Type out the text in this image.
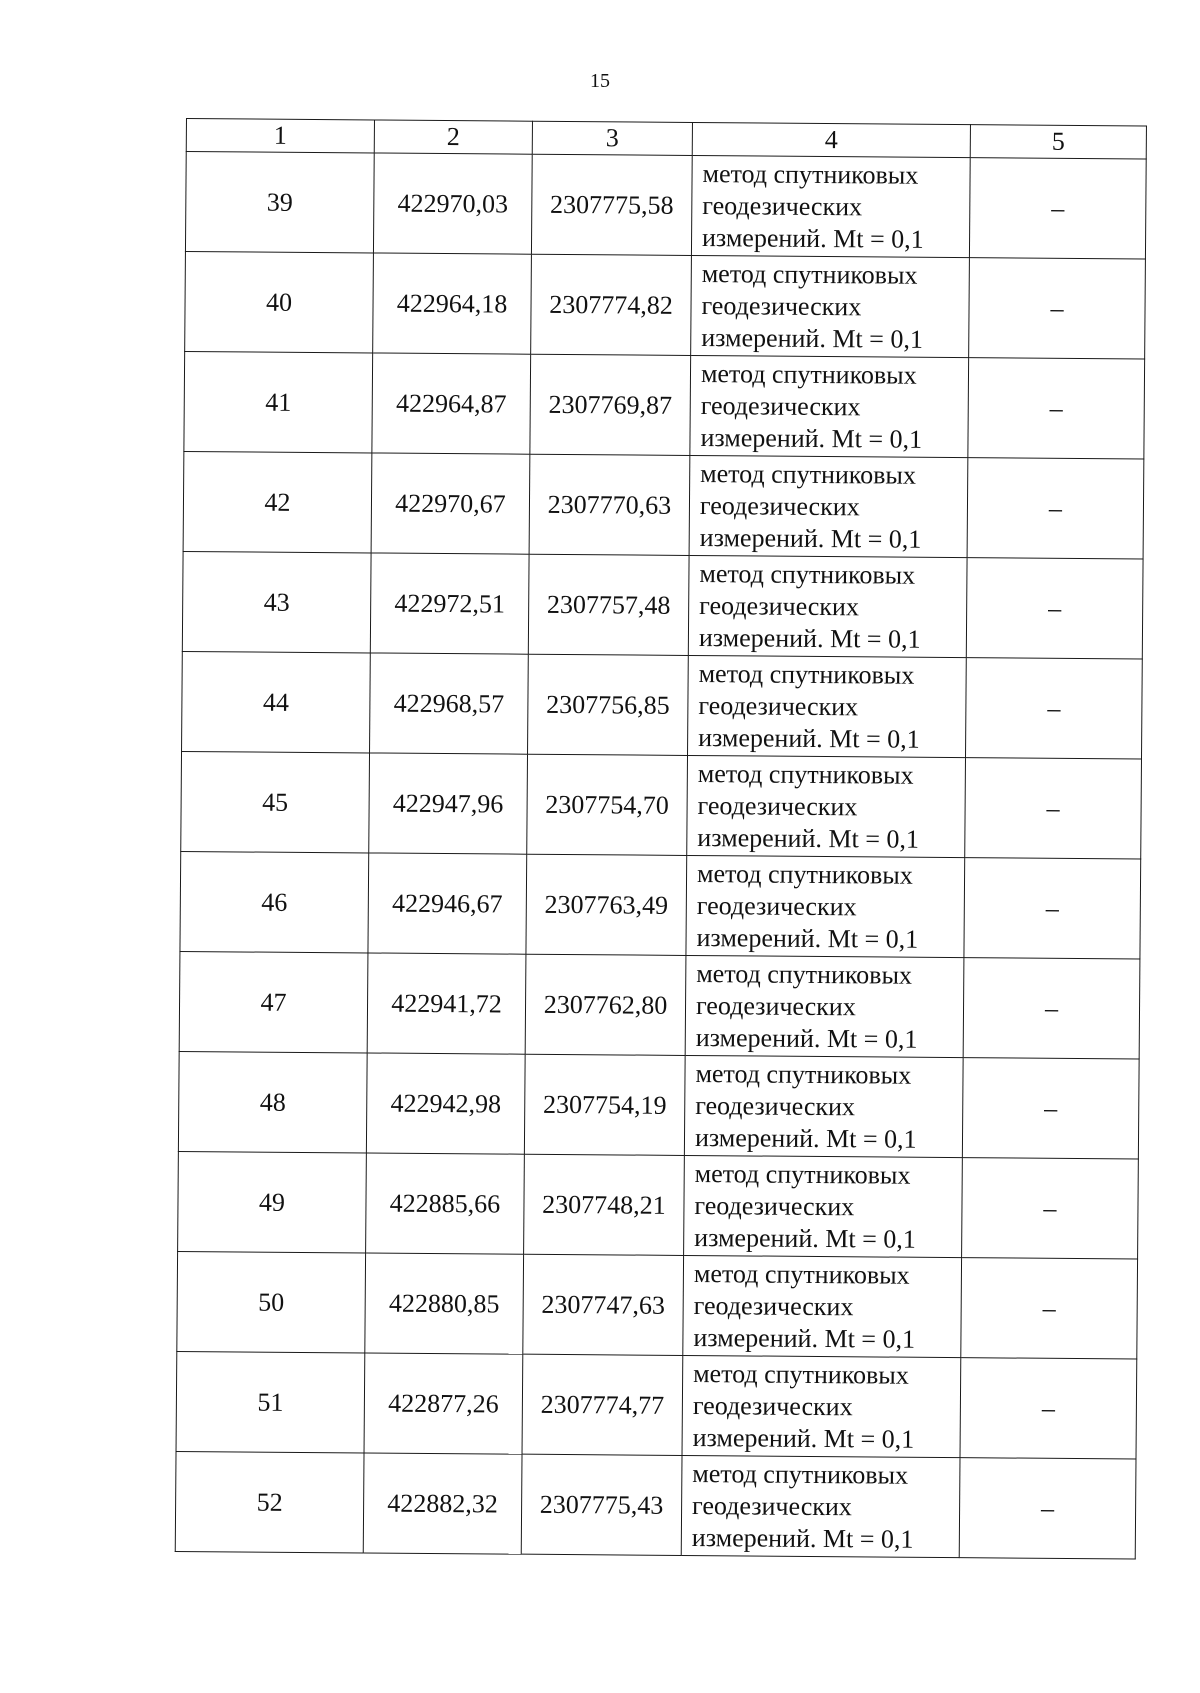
15
1	2	3	4	5
39	422970,03	2307775,58	метод спутниковых
геодезических
измерений. Mt = 0,1	–
40	422964,18	2307774,82	метод спутниковых
геодезических
измерений. Mt = 0,1	–
41	422964,87	2307769,87	метод спутниковых
геодезических
измерений. Mt = 0,1	–
42	422970,67	2307770,63	метод спутниковых
геодезических
измерений. Mt = 0,1	–
43	422972,51	2307757,48	метод спутниковых
геодезических
измерений. Mt = 0,1	–
44	422968,57	2307756,85	метод спутниковых
геодезических
измерений. Mt = 0,1	–
45	422947,96	2307754,70	метод спутниковых
геодезических
измерений. Mt = 0,1	–
46	422946,67	2307763,49	метод спутниковых
геодезических
измерений. Mt = 0,1	–
47	422941,72	2307762,80	метод спутниковых
геодезических
измерений. Mt = 0,1	–
48	422942,98	2307754,19	метод спутниковых
геодезических
измерений. Mt = 0,1	–
49	422885,66	2307748,21	метод спутниковых
геодезических
измерений. Mt = 0,1	–
50	422880,85	2307747,63	метод спутниковых
геодезических
измерений. Mt = 0,1	–
51	422877,26	2307774,77	метод спутниковых
геодезических
измерений. Mt = 0,1	–
52	422882,32	2307775,43	метод спутниковых
геодезических
измерений. Mt = 0,1	–
